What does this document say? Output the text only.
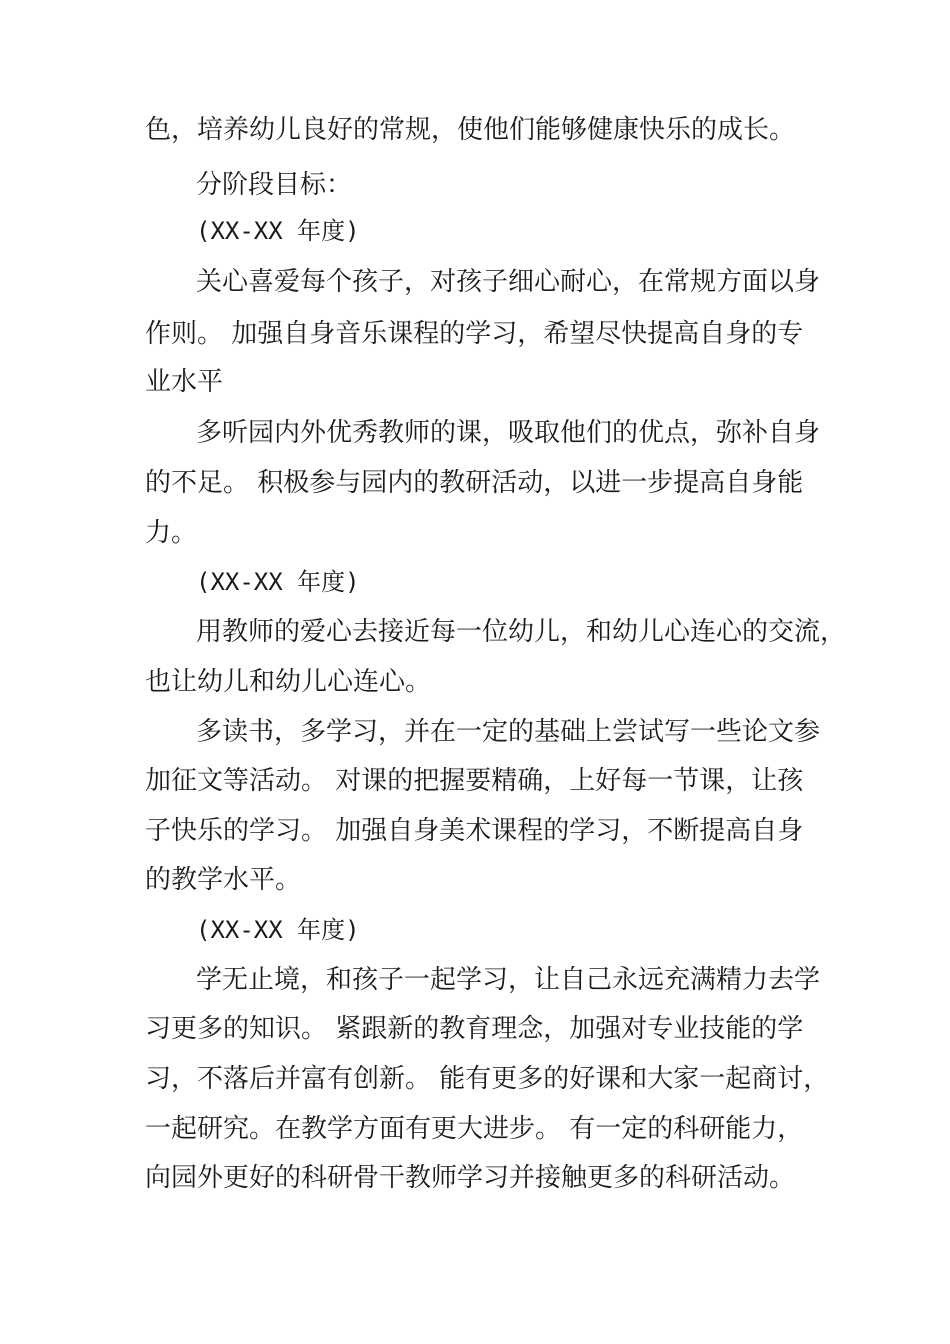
色，培养幼儿良好的常规，使他们能够健康快乐的成长。
分阶段目标：
(XX-XX 年度)
关心喜爱每个孩子，对孩子细心耐心，在常规方面以身
作则。 加强自身音乐课程的学习，希望尽快提高自身的专
业水平
多听园内外优秀教师的课，吸取他们的优点，弥补自身
的不足。 积极参与园内的教研活动，以进一步提高自身能
力。
(XX-XX 年度)
用教师的爱心去接近每一位幼儿，和幼儿心连心的交流，
也让幼儿和幼儿心连心。
多读书，多学习，并在一定的基础上尝试写一些论文参
加征文等活动。 对课的把握要精确，上好每一节课，让孩
子快乐的学习。 加强自身美术课程的学习，不断提高自身
的教学水平。
(XX-XX 年度)
学无止境，和孩子一起学习，让自己永远充满精力去学
习更多的知识。 紧跟新的教育理念，加强对专业技能的学
习，不落后并富有创新。 能有更多的好课和大家一起商讨，
一起研究。在教学方面有更大进步。 有一定的科研能力，
向园外更好的科研骨干教师学习并接触更多的科研活动。
